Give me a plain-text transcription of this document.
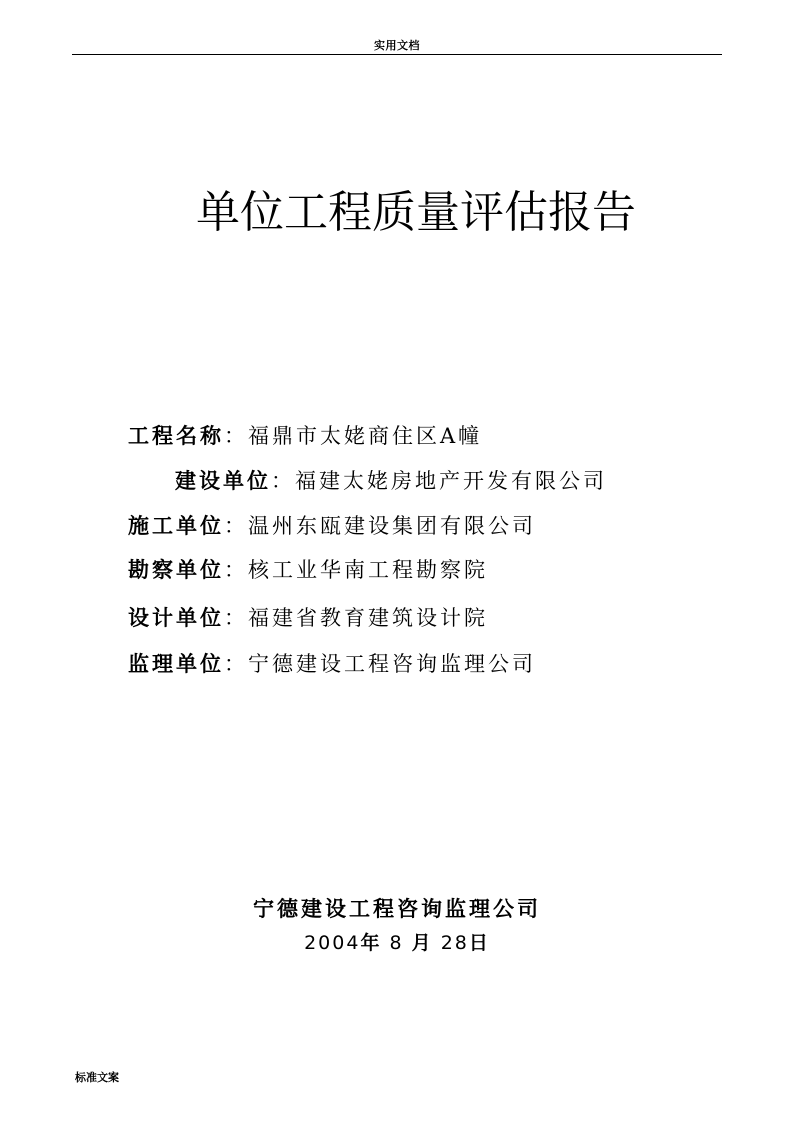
实用文档
单位工程质量评估报告
工程名称：福鼎市太姥商住区A幢
建设单位：福建太姥房地产开发有限公司
施工单位：温州东瓯建设集团有限公司
勘察单位：核工业华南工程勘察院
设计单位：福建省教育建筑设计院
监理单位：宁德建设工程咨询监理公司
宁德建设工程咨询监理公司
2004年 8 月 28日
标准文案
